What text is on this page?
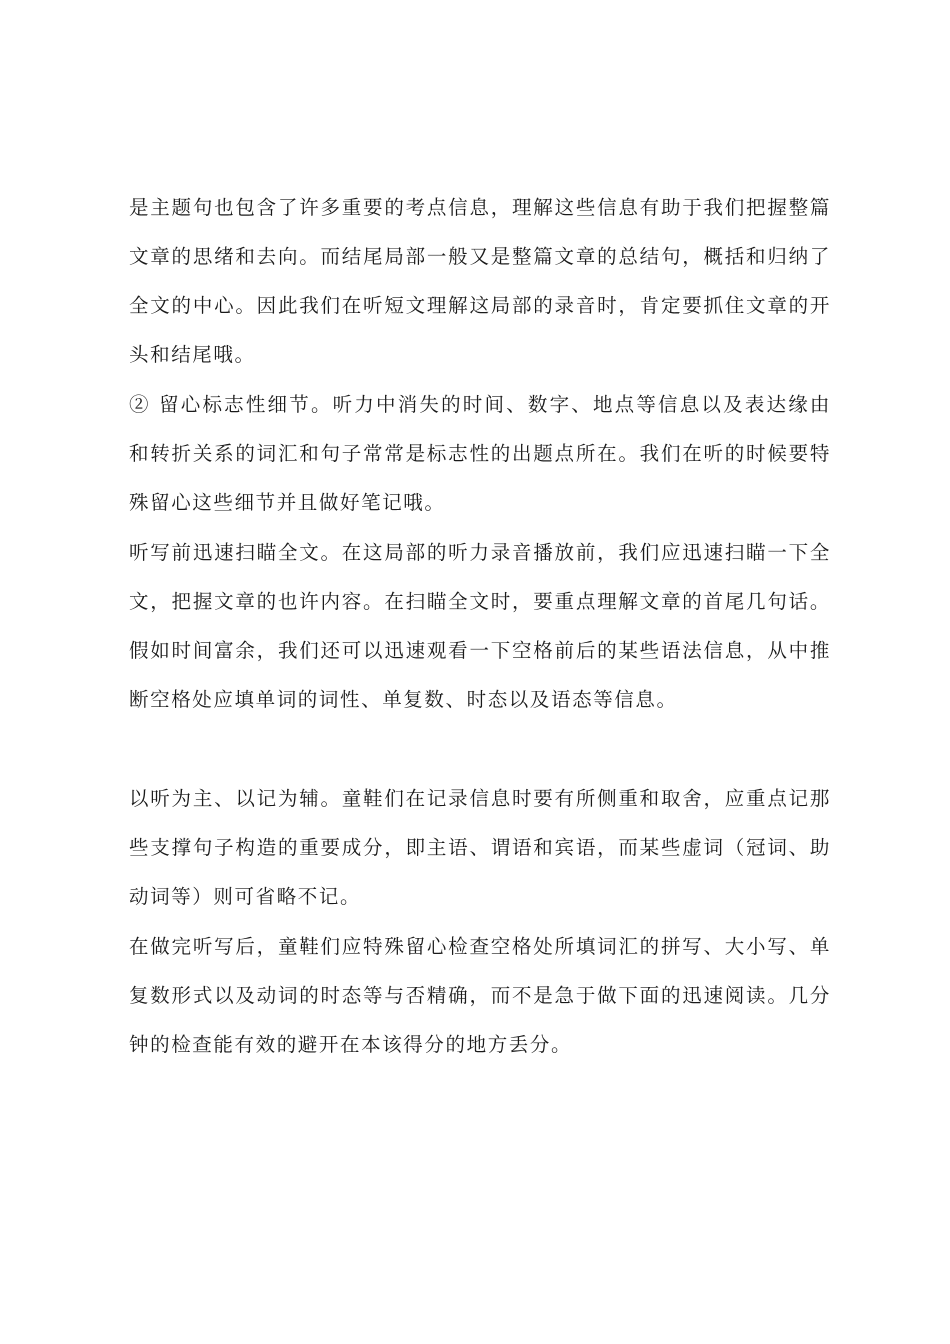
是主题句也包含了许多重要的考点信息，理解这些信息有助于我们把握整篇文章的思绪和去向。而结尾局部一般又是整篇文章的总结句，概括和归纳了全文的中心。因此我们在听短文理解这局部的录音时，肯定要抓住文章的开头和结尾哦。

② 留心标志性细节。听力中消失的时间、数字、地点等信息以及表达缘由和转折关系的词汇和句子常常是标志性的出题点所在。我们在听的时候要特殊留心这些细节并且做好笔记哦。

听写前迅速扫瞄全文。在这局部的听力录音播放前，我们应迅速扫瞄一下全文，把握文章的也许内容。在扫瞄全文时，要重点理解文章的首尾几句话。假如时间富余，我们还可以迅速观看一下空格前后的某些语法信息，从中推断空格处应填单词的词性、单复数、时态以及语态等信息。

以听为主、以记为辅。童鞋们在记录信息时要有所侧重和取舍，应重点记那些支撑句子构造的重要成分，即主语、谓语和宾语，而某些虚词（冠词、助动词等）则可省略不记。

在做完听写后，童鞋们应特殊留心检查空格处所填词汇的拼写、大小写、单复数形式以及动词的时态等与否精确，而不是急于做下面的迅速阅读。几分钟的检查能有效的避开在本该得分的地方丢分。
